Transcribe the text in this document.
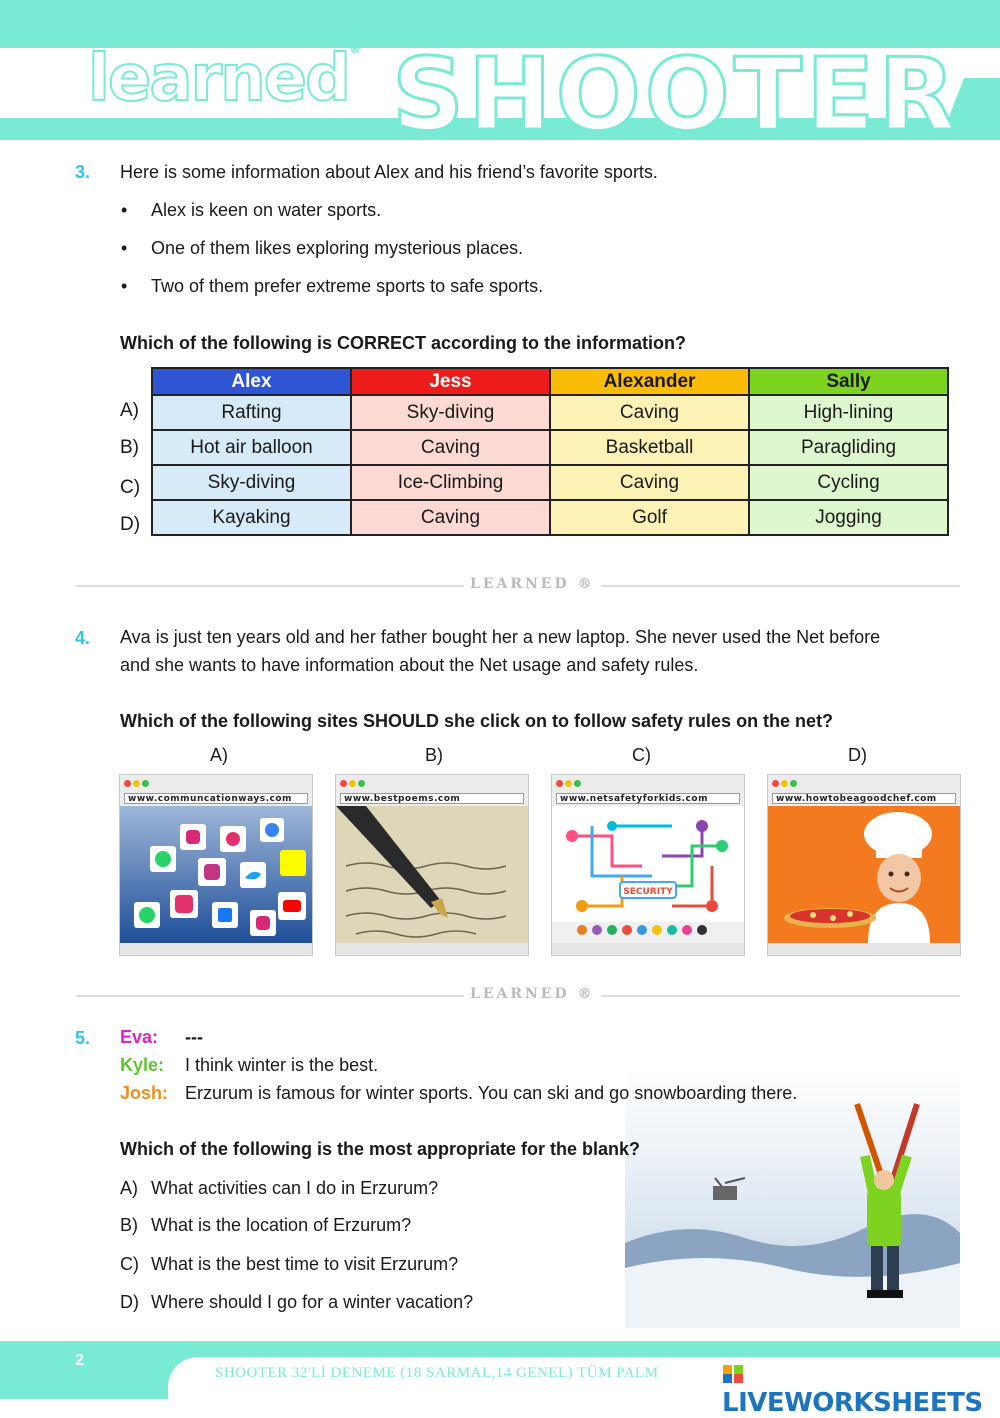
learned® SHOOTER
3. Here is some information about Alex and his friend’s favorite sports.
• Alex is keen on water sports.
• One of them likes exploring mysterious places.
• Two of them prefer extreme sports to safe sports.
Which of the following is CORRECT according to the information?
A)
B)
C)
D)
Alex	Jess	Alexander	Sally
Rafting	Sky-diving	Caving	High-lining
Hot air balloon	Caving	Basketball	Paragliding
Sky-diving	Ice-Climbing	Caving	Cycling
Kayaking	Caving	Golf	Jogging
LEARNED ®
4. Ava is just ten years old and her father bought her a new laptop. She never used the Net before
and she wants to have information about the Net usage and safety rules.
Which of the following sites SHOULD she click on to follow safety rules on the net?
A)	B)	C)	D)
www.communcationways.com	www.bestpoems.com	www.netsafetyforkids.com
SECURITY
www.howtobeagoodchef.com
LEARNED ®
5. Eva: ---
Kyle: I think winter is the best.
Josh: Erzurum is famous for winter sports. You can ski and go snowboarding there.
Which of the following is the most appropriate for the blank?
A) What activities can I do in Erzurum?
B) What is the location of Erzurum?
C) What is the best time to visit Erzurum?
D) Where should I go for a winter vacation?
2
SHOOTER 32'Lİ DENEME (18 SARMAL,14 GENEL) TÜM PALM

LIVEWORKSHEETS
